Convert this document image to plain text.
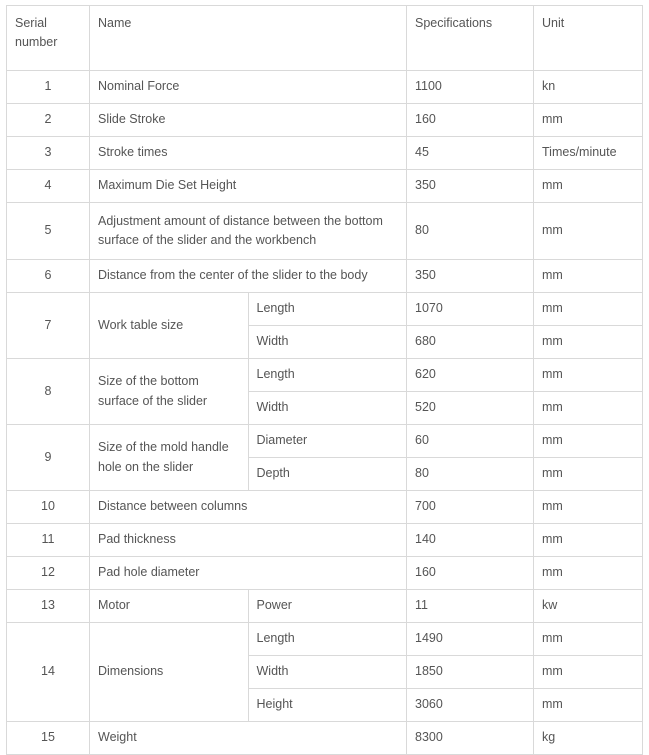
Serial number	Name		Specifications	Unit
1	Nominal Force		1100	kn
2	Slide Stroke		160	mm
3	Stroke times		45	Times/minute
4	Maximum Die Set Height		350	mm
5	Adjustment amount of distance between the bottom surface of the slider and the workbench		80	mm
6	Distance from the center of the slider to the body		350	mm
7	Work table size	Length	1070	mm
		Width	680	mm
8	Size of the bottom surface of the slider	Length	620	mm
		Width	520	mm
9	Size of the mold handle hole on the slider	Diameter	60	mm
		Depth	80	mm
10	Distance between columns		700	mm
11	Pad thickness		140	mm
12	Pad hole diameter		160	mm
13	Motor	Power	11	kw
14	Dimensions	Length	1490	mm
		Width	1850	mm
		Height	3060	mm
15	Weight		8300	kg
